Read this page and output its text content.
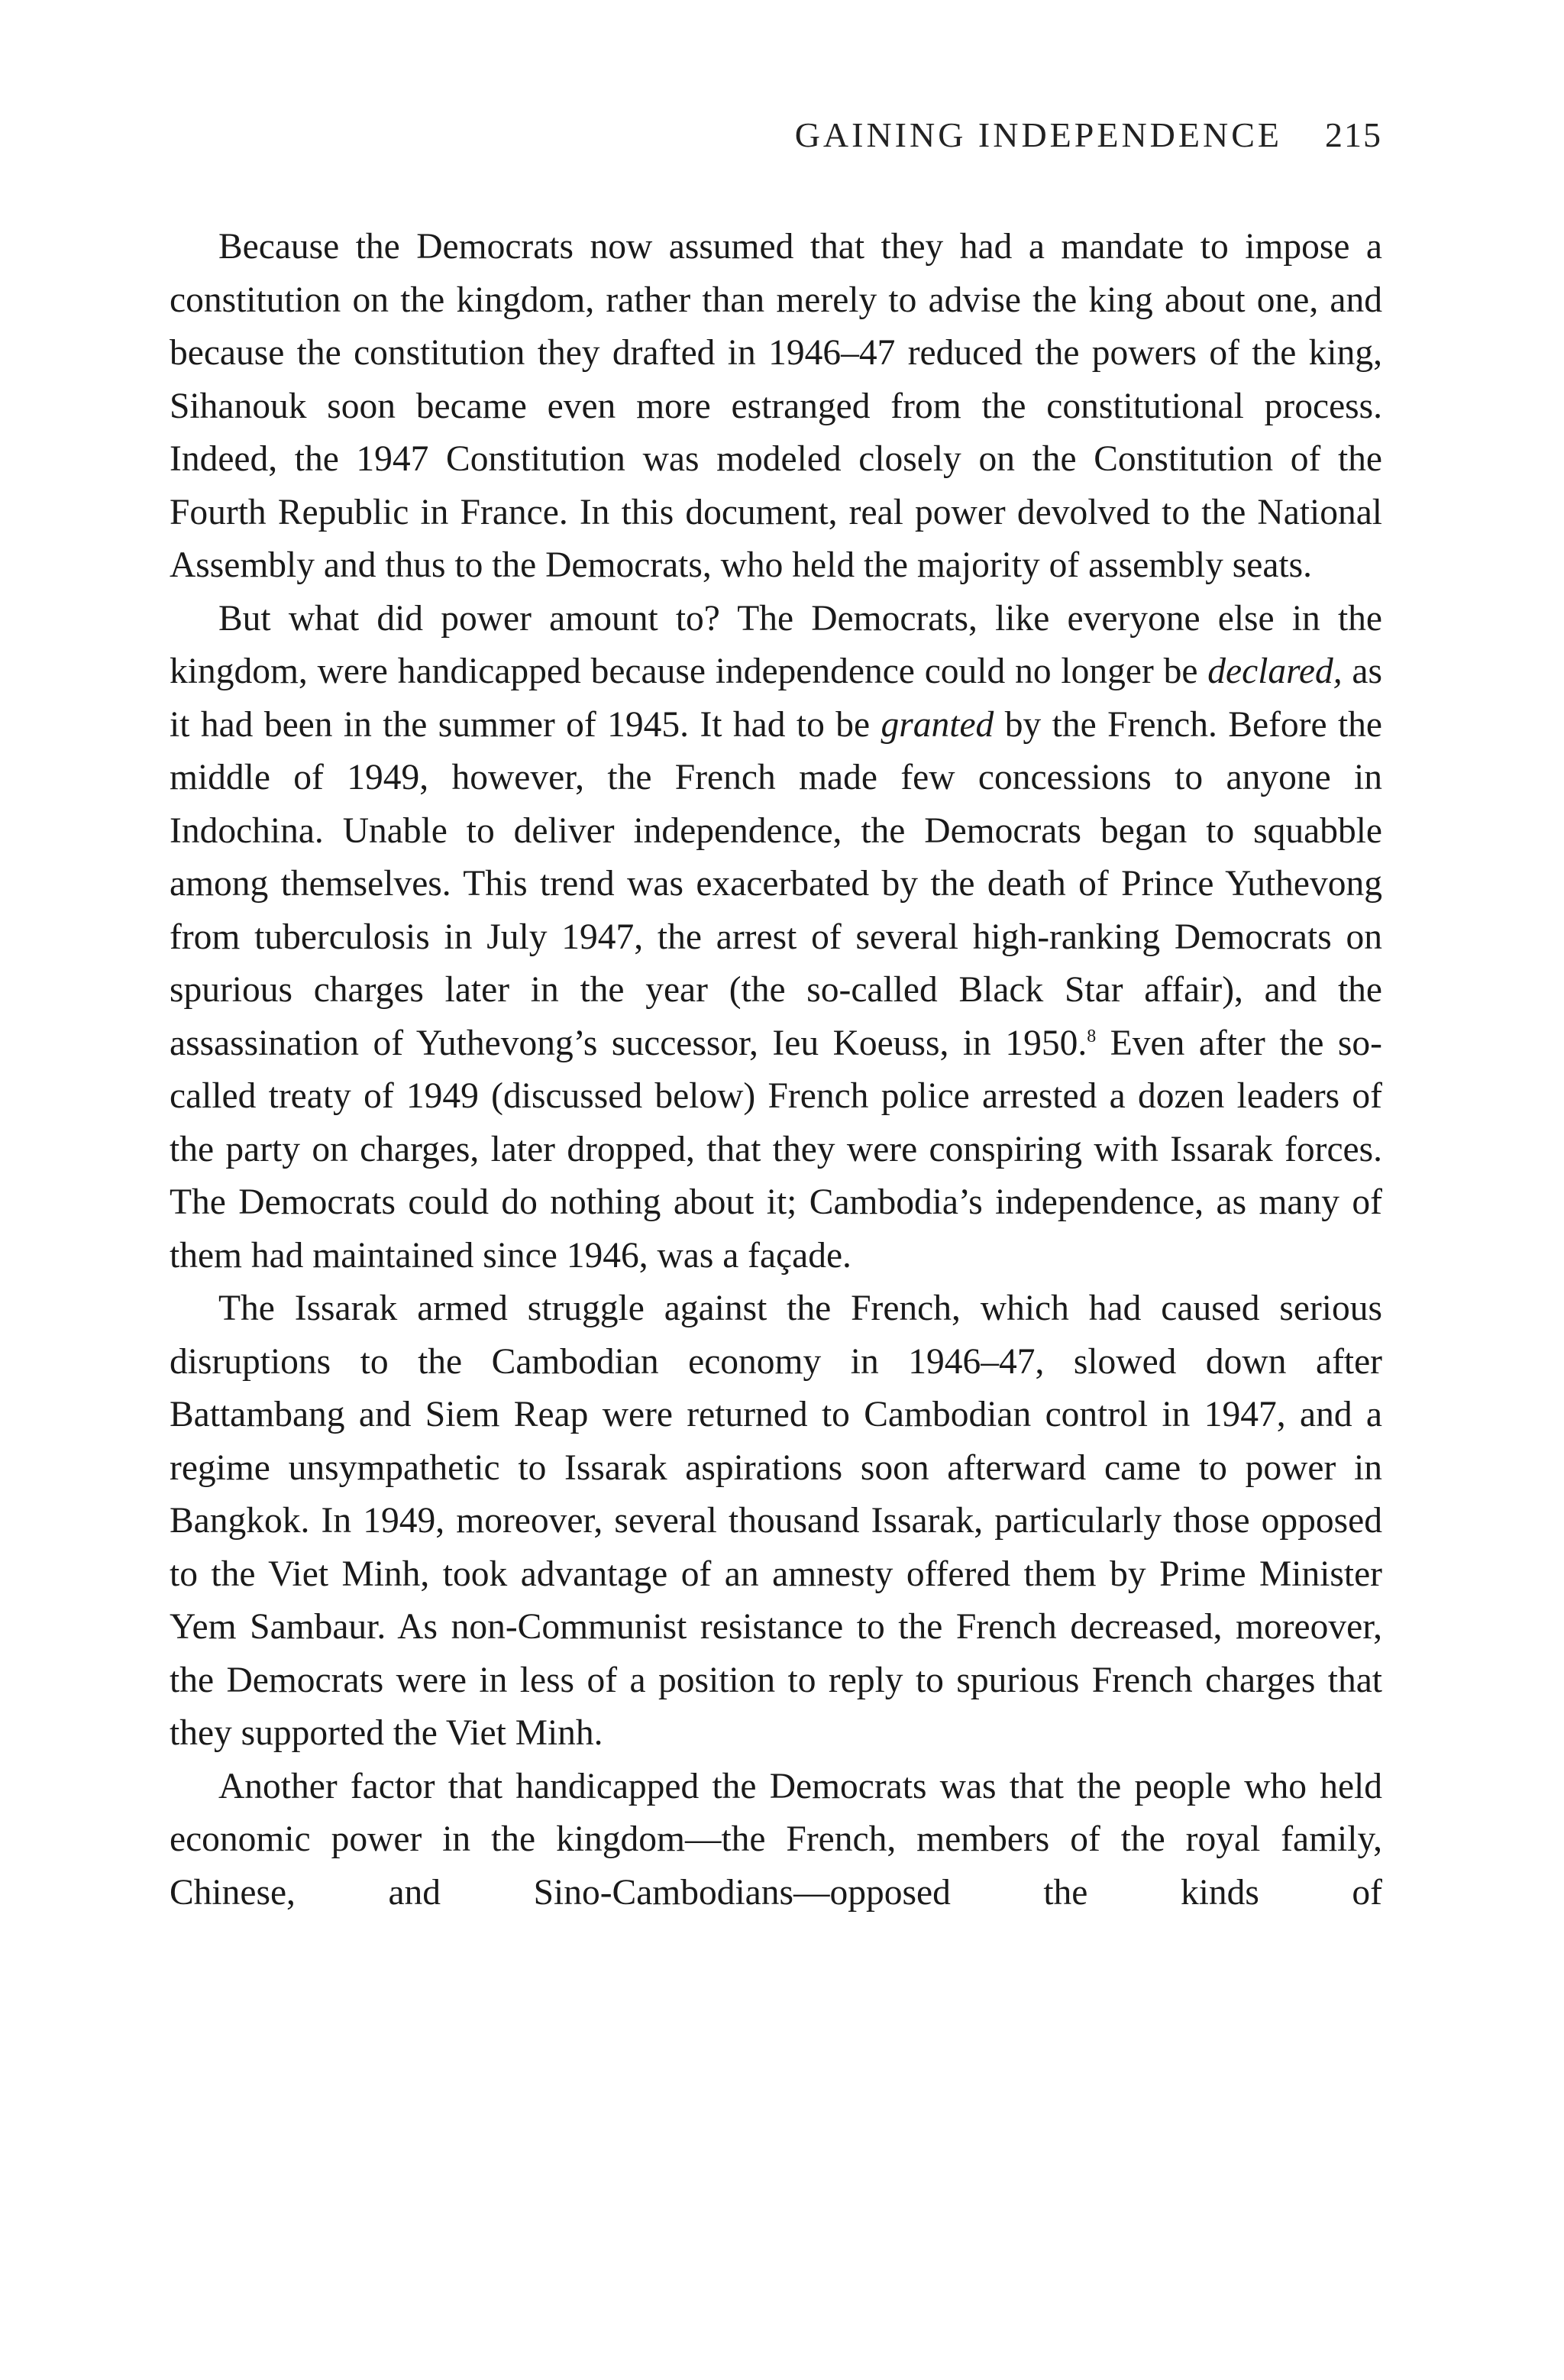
GAINING INDEPENDENCE 215

Because the Democrats now assumed that they had a mandate to impose a constitution on the kingdom, rather than merely to advise the king about one, and because the constitution they drafted in 1946–47 reduced the powers of the king, Sihanouk soon became even more estranged from the constitutional process. Indeed, the 1947 Constitution was modeled closely on the Constitution of the Fourth Republic in France. In this document, real power devolved to the National Assembly and thus to the Democrats, who held the majority of assembly seats.

But what did power amount to? The Democrats, like everyone else in the kingdom, were handicapped because independence could no longer be declared, as it had been in the summer of 1945. It had to be granted by the French. Before the middle of 1949, however, the French made few concessions to anyone in Indochina. Unable to deliver independence, the Democrats began to squabble among themselves. This trend was exacerbated by the death of Prince Yuthevong from tuberculosis in July 1947, the arrest of several high-ranking Democrats on spurious charges later in the year (the so-called Black Star affair), and the assassination of Yuthevong’s successor, Ieu Koeuss, in 1950.$^8$ Even after the so-called treaty of 1949 (discussed below) French police arrested a dozen leaders of the party on charges, later dropped, that they were conspiring with Issarak forces. The Democrats could do nothing about it; Cambodia’s independence, as many of them had maintained since 1946, was a façade.

The Issarak armed struggle against the French, which had caused serious disruptions to the Cambodian economy in 1946–47, slowed down after Battambang and Siem Reap were returned to Cambodian control in 1947, and a regime unsympathetic to Issarak aspirations soon afterward came to power in Bangkok. In 1949, moreover, several thousand Issarak, particularly those opposed to the Viet Minh, took advantage of an amnesty offered them by Prime Minister Yem Sambaur. As non-Communist resistance to the French decreased, moreover, the Democrats were in less of a position to reply to spurious French charges that they supported the Viet Minh.

Another factor that handicapped the Democrats was that the people who held economic power in the kingdom—the French, members of the royal family, Chinese, and Sino-Cambodians—opposed the kinds of
